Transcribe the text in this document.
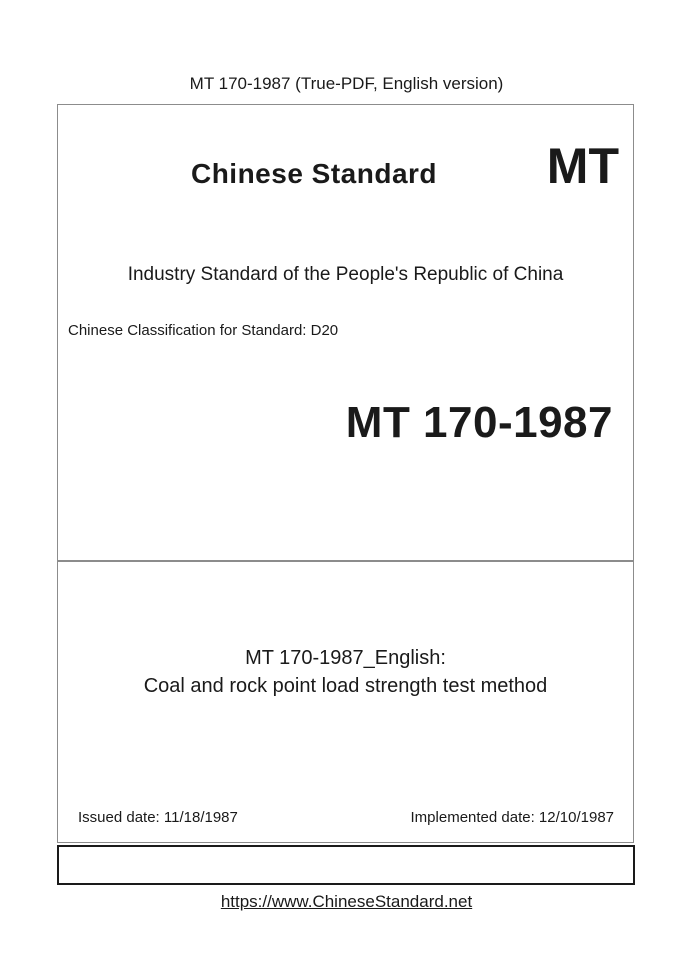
MT 170-1987 (True-PDF, English version)
Chinese Standard	MT
Industry Standard of the People's Republic of China
Chinese Classification for Standard: D20
MT 170-1987
MT 170-1987_English:
Coal and rock point load strength test method
Issued date: 11/18/1987	Implemented date: 12/10/1987
https://www.ChineseStandard.net
